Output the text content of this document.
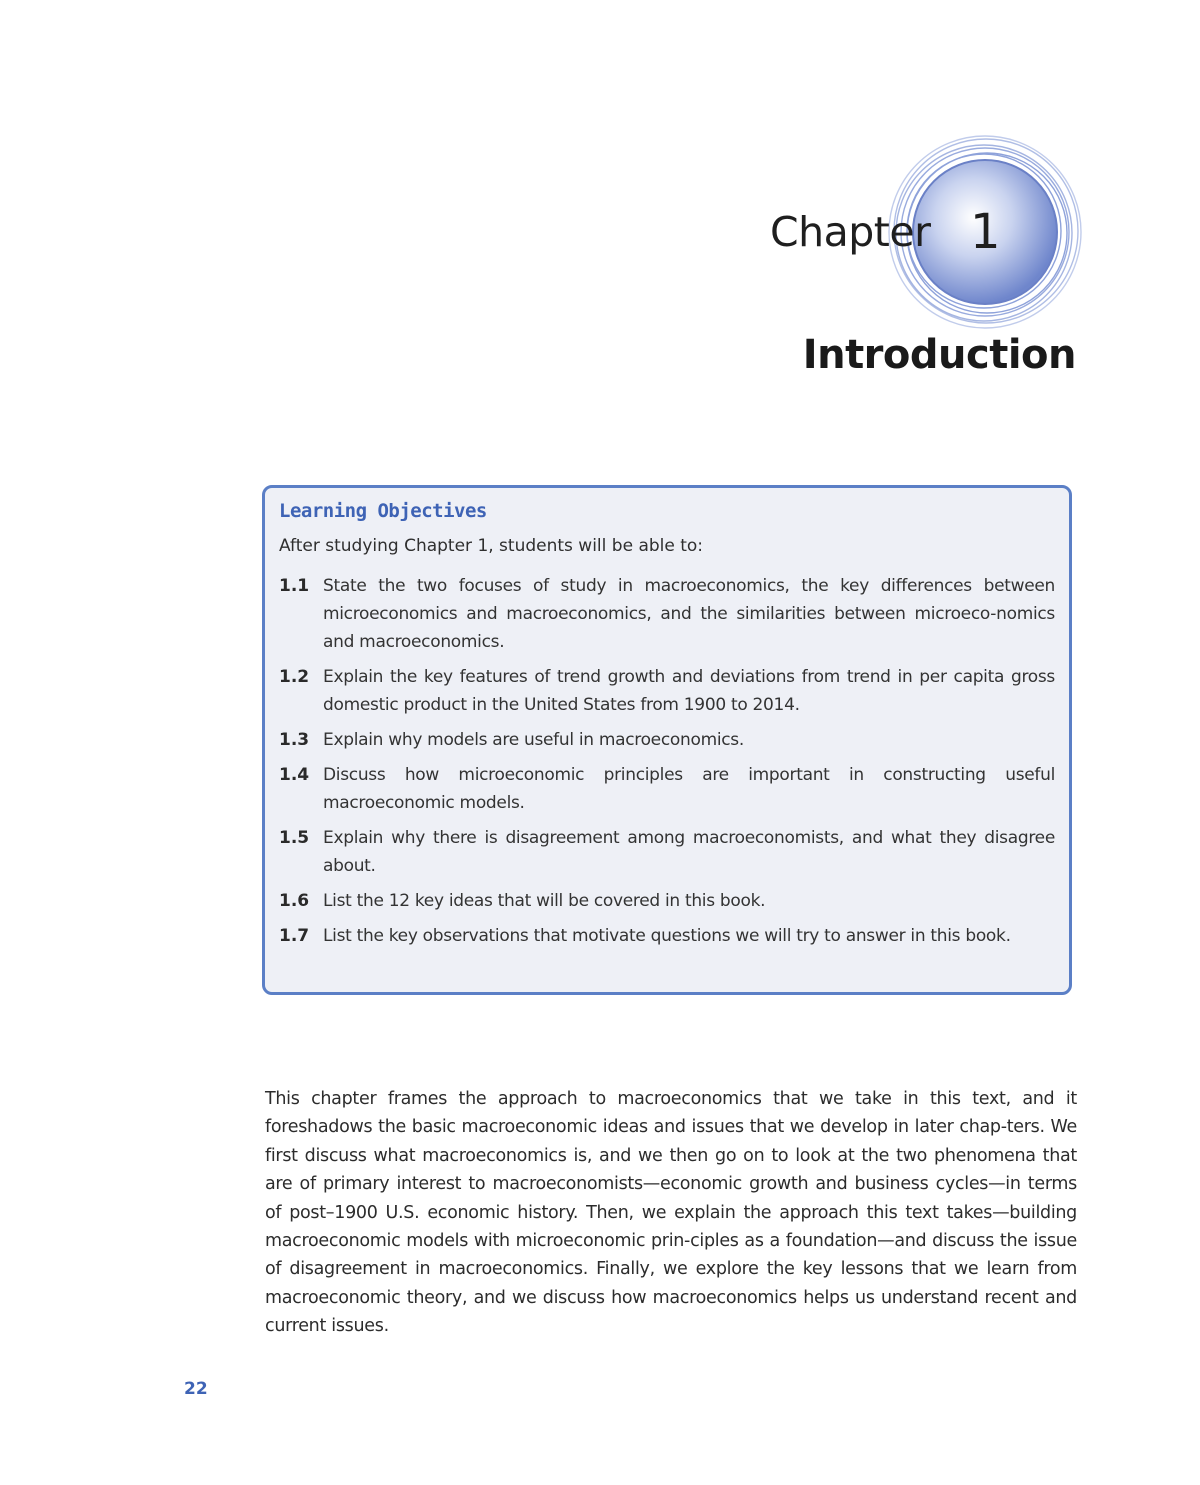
Chapter 1
Introduction
Learning Objectives
After studying Chapter 1, students will be able to:
1.1 State the two focuses of study in macroeconomics, the key differences between microeconomics and macroeconomics, and the similarities between microeco-nomics and macroeconomics.
1.2 Explain the key features of trend growth and deviations from trend in per capita gross domestic product in the United States from 1900 to 2014.
1.3 Explain why models are useful in macroeconomics.
1.4 Discuss how microeconomic principles are important in constructing useful macroeconomic models.
1.5 Explain why there is disagreement among macroeconomists, and what they disagree about.
1.6 List the 12 key ideas that will be covered in this book.
1.7 List the key observations that motivate questions we will try to answer in this book.

This chapter frames the approach to macroeconomics that we take in this text, and it foreshadows the basic macroeconomic ideas and issues that we develop in later chap-ters. We first discuss what macroeconomics is, and we then go on to look at the two phenomena that are of primary interest to macroeconomists—economic growth and business cycles—in terms of post–1900 U.S. economic history. Then, we explain the approach this text takes—building macroeconomic models with microeconomic prin-ciples as a foundation—and discuss the issue of disagreement in macroeconomics. Finally, we explore the key lessons that we learn from macroeconomic theory, and we discuss how macroeconomics helps us understand recent and current issues.

22
